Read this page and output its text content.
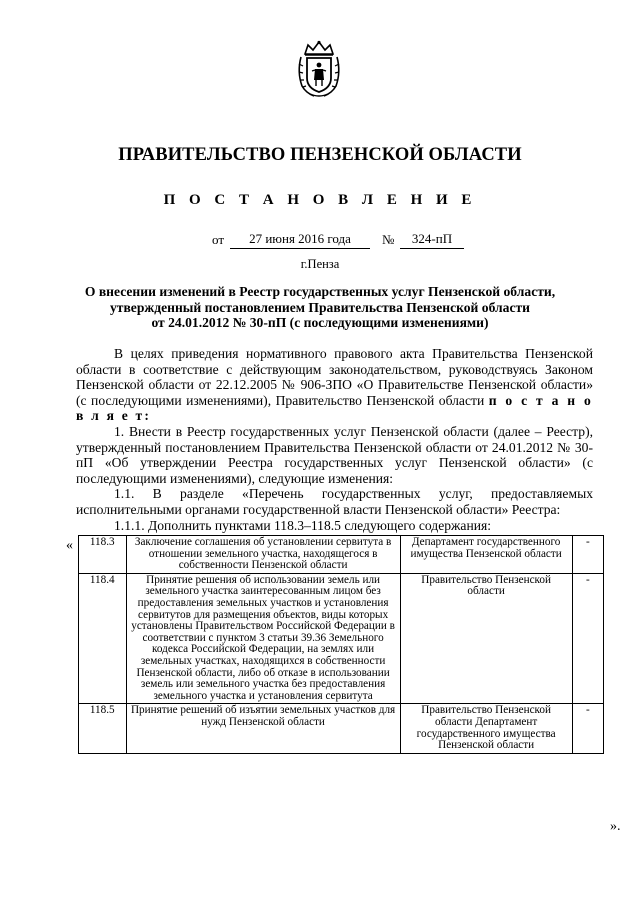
ПРАВИТЕЛЬСТВО ПЕНЗЕНСКОЙ ОБЛАСТИ
П О С Т А Н О В Л Е Н И Е
от	27 июня 2016 года	№	324-пП
г.Пенза
О внесении изменений в Реестр государственных услуг Пензенской области,
утвержденный постановлением Правительства Пензенской области
от 24.01.2012 № 30-пП (с последующими изменениями)

В целях приведения нормативного правового акта Правительства Пензенской области в соответствие с действующим законодательством, руководствуясь Законом Пензенской области от 22.12.2005 № 906-ЗПО «О Правительстве Пензенской области» (с последующими изменениями), Правительство Пензенской области п о с т а н о в л я е т:

1. Внести в Реестр государственных услуг Пензенской области (далее – Реестр), утвержденный постановлением Правительства Пензенской области от 24.01.2012 № 30-пП «Об утверждении Реестра государственных услуг Пензенской области» (с последующими изменениями), следующие изменения:

1.1. В разделе «Перечень государственных услуг, предоставляемых исполнительными органами государственной власти Пензенской области» Реестра:

1.1.1. Дополнить пунктами 118.3–118.5 следующего содержания:

« 118.3	Заключение соглашения об установлении сервитута в отношении земельного участка, находящегося в собственности Пензенской области	Департамент государственного имущества Пензенской области	-
118.4	Принятие решения об использовании земель или земельного участка заинтересованным лицом без предоставления земельных участков и установления сервитутов для размещения объектов, виды которых установлены Правительством Российской Федерации в соответствии с пунктом 3 статьи 39.36 Земельного кодекса Российской Федерации, на землях или земельных участках, находящихся в собственности Пензенской области, либо об отказе в использовании земель или земельного участка без предоставления земельного участка и установления сервитута	Правительство Пензенской области	-
118.5	Принятие решений об изъятии земельных участков для нужд Пензенской области	Правительство Пензенской области Департамент государственного имущества Пензенской области	-
».
